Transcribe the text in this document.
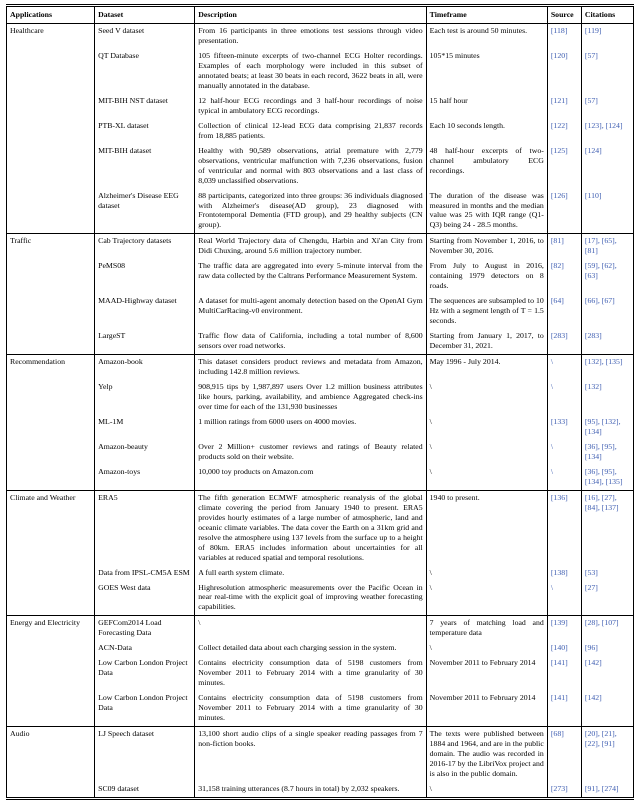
Applications	Dataset	Description	Timeframe	Source	Citations
Healthcare	Seed V dataset	From 16 participants in three emotions test sessions through video presentation.	Each test is around 50 minutes.	[118]	[119]
	QT Database	105 fifteen-minute excerpts of two-channel ECG Holter recordings. Examples of each morphology were included in this subset of annotated beats; at least 30 beats in each record, 3622 beats in all, were manually annotated in the database.	105*15 minutes	[120]	[57]
	MIT-BIH NST dataset	12 half-hour ECG recordings and 3 half-hour recordings of noise typical in ambulatory ECG recordings.	15 half hour	[121]	[57]
	PTB-XL dataset	Collection of clinical 12-lead ECG data comprising 21,837 records from 18,885 patients.	Each 10 seconds length.	[122]	[123], [124]
	MIT-BIH dataset	Healthy with 90,589 observations, atrial premature with 2,779 observations, ventricular malfunction with 7,236 observations, fusion of ventricular and normal with 803 observations and a last class of 8,039 unclassified observations.	48 half-hour excerpts of two-channel ambulatory ECG recordings.	[125]	[124]
	Alzheimer's Disease EEG dataset	88 participants, categorized into three groups: 36 individuals diagnosed with Alzheimer's disease(AD group), 23 diagnosed with Frontotemporal Dementia (FTD group), and 29 healthy subjects (CN group).	The duration of the disease was measured in months and the median value was 25 with IQR range (Q1-Q3) being 24 - 28.5 months.	[126]	[110]
Traffic	Cab Trajectory datasets	Real World Trajectory data of Chengdu, Harbin and Xi'an City from Didi Chuxing, around 5.6 million trajectory number.	Starting from November 1, 2016, to November 30, 2016.	[81]	[17], [65], [81]
	PeMS08	The traffic data are aggregated into every 5-minute interval from the raw data collected by the Caltrans Performance Measurement System.	From July to August in 2016, containing 1979 detectors on 8 roads.	[82]	[59], [62], [63]
	MAAD-Highway dataset	A dataset for multi-agent anomaly detection based on the OpenAI Gym MultiCarRacing-v0 environment.	The sequences are subsampled to 10 Hz with a segment length of T = 1.5 seconds.	[64]	[66], [67]
	LargeST	Traffic flow data of California, including a total number of 8,600 sensors over road networks.	Starting from January 1, 2017, to December 31, 2021.	[283]	[283]
Recommendation	Amazon-book	This dataset considers product reviews and metadata from Amazon, including 142.8 million reviews.	May 1996 - July 2014.	\	[132], [135]
	Yelp	908,915 tips by 1,987,897 users Over 1.2 million business attributes like hours, parking, availability, and ambience Aggregated check-ins over time for each of the 131,930 businesses	\	\	[132]
	ML-1M	1 million ratings from 6000 users on 4000 movies.	\	[133]	[95], [132], [134]
	Amazon-beauty	Over 2 Million+ customer reviews and ratings of Beauty related products sold on their website.	\	\	[36], [95], [134]
	Amazon-toys	10,000 toy products on Amazon.com	\	\	[36], [95], [134], [135]
Climate and Weather	ERA5	The fifth generation ECMWF atmospheric reanalysis of the global climate covering the period from January 1940 to present. ERA5 provides hourly estimates of a large number of atmospheric, land and oceanic climate variables. The data cover the Earth on a 31km grid and resolve the atmosphere using 137 levels from the surface up to a height of 80km. ERA5 includes information about uncertainties for all variables at reduced spatial and temporal resolutions.	1940 to present.	[136]	[16], [27], [84], [137]
	Data from IPSL-CM5A ESM	A full earth system climate.	\	[138]	[53]
	GOES West data	Highresolution atmospheric measurements over the Pacific Ocean in near real-time with the explicit goal of improving weather forecasting capabilities.	\	\	[27]
Energy and Electricity	GEFCom2014 Load Forecasting Data	\	7 years of matching load and temperature data	[139]	[28], [107]
	ACN-Data	Collect detailed data about each charging session in the system.	\	[140]	[96]
	Low Carbon London Project Data	Contains electricity consumption data of 5198 customers from November 2011 to February 2014 with a time granularity of 30 minutes.	November 2011 to February 2014	[141]	[142]
	Low Carbon London Project Data	Contains electricity consumption data of 5198 customers from November 2011 to February 2014 with a time granularity of 30 minutes.	November 2011 to February 2014	[141]	[142]
Audio	LJ Speech dataset	13,100 short audio clips of a single speaker reading passages from 7 non-fiction books.	The texts were published between 1884 and 1964, and are in the public domain. The audio was recorded in 2016-17 by the LibriVox project and is also in the public domain.	[68]	[20], [21], [22], [91]
	SC09 dataset	31,158 training utterances (8.7 hours in total) by 2,032 speakers.	\	[273]	[91], [274]
